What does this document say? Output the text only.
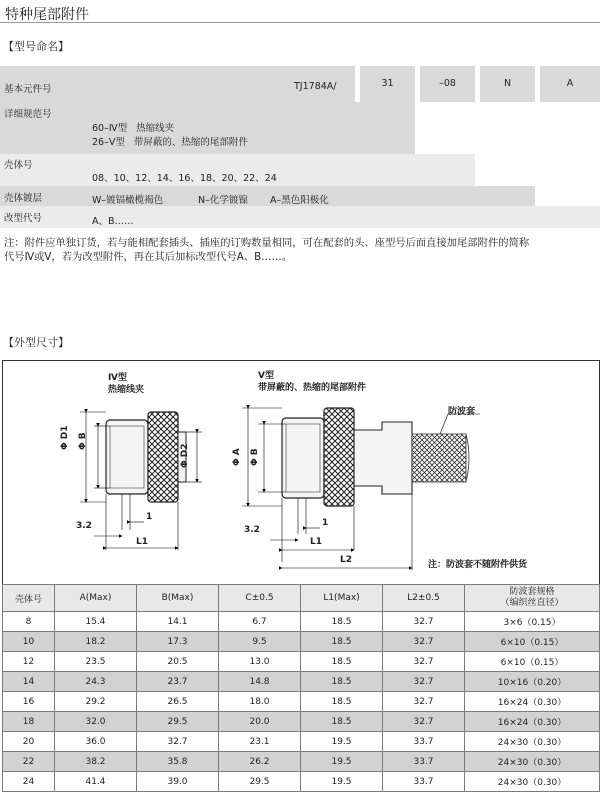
特种尾部附件
【型号命名】
基本元件号	TJ1784A/	31	–08	N	A
详细规范号
60–Ⅳ型   热缩线夹
26–Ⅴ型   带屏蔽的、热缩的尾部附件
壳体号
08、10、12、14、16、18、20、22、24
壳体镀层	W–镀镉橄榄褐色	N–化学镀镍 A–黑色阳极化
改型代号	A、B……
注：附件应单独订货，若与能相配套插头、插座的订购数量相同，可在配套的头、座型号后面直接加尾部附件的简称
代号Ⅳ或Ⅴ，若为改型附件，再在其后加标改型代号A、B……。
【外型尺寸】
Ⅳ型
热缩线夹
Ⅴ型
带屏蔽的、热缩的尾部附件
Φ D1 Φ B
Φ D2	Φ A Φ B
1
3.2
L1
1
3.2
L1
L2
防波套
注：防波套不随附件供货
壳体号	A(Max)	B(Max)	C±0.5	L1(Max)	L2±0.5	防波套规格
（编织丝直径）

8	15.4	14.1	6.7	18.5	32.7	3×6（0.15）
10	18.2	17.3	9.5	18.5	32.7	6×10（0.15）
12	23.5	20.5	13.0	18.5	32.7	6×10（0.15）
14	24.3	23.7	14.8	18.5	32.7	10×16（0.20）
16	29.2	26.5	18.0	18.5	32.7	16×24（0.30）
18	32.0	29.5	20.0	18.5	32.7	16×24（0.30）
20	36.0	32.7	23.1	19.5	33.7	24×30（0.30）
22	38.2	35.8	26.2	19.5	33.7	24×30（0.30）
24	41.4	39.0	29.5	19.5	33.7	24×30（0.30）
